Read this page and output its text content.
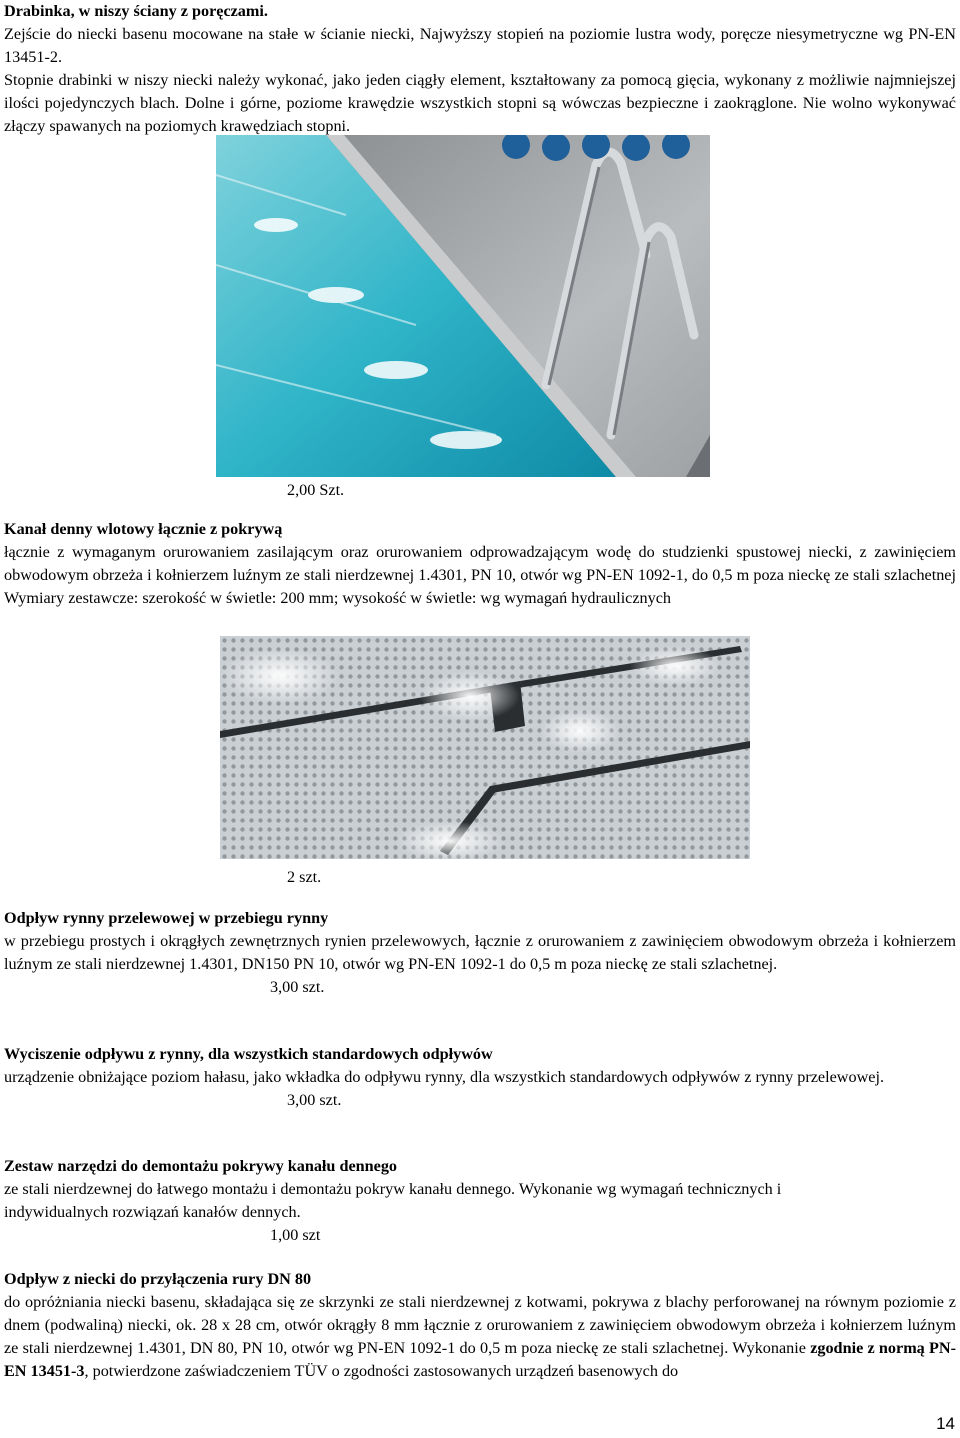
Drabinka, w niszy ściany z poręczami.

Zejście do niecki basenu mocowane na stałe w ścianie niecki, Najwyższy stopień na poziomie lustra wody, poręcze niesymetryczne wg PN-EN 13451-2.

Stopnie drabinki w niszy niecki należy wykonać, jako jeden ciągły element, kształtowany za pomocą gięcia, wykonany z możliwie najmniejszej ilości pojedynczych blach. Dolne i górne, poziome krawędzie wszystkich stopni są wówczas bezpieczne i zaokrąglone. Nie wolno wykonywać złączy spawanych na poziomych krawędziach stopni.

2,00 Szt.
Kanał denny wlotowy łącznie z pokrywą

łącznie z wymaganym orurowaniem zasilającym oraz orurowaniem odprowadzającym wodę do studzienki spustowej niecki, z zawinięciem obwodowym obrzeża i kołnierzem luźnym ze stali nierdzewnej 1.4301, PN 10, otwór wg PN-EN 1092-1, do 0,5 m poza nieckę ze stali szlachetnej Wymiary zestawcze: szerokość w świetle: 200 mm; wysokość w świetle: wg wymagań hydraulicznych

2 szt.
Odpływ rynny przelewowej w przebiegu rynny

w przebiegu prostych i okrągłych zewnętrznych rynien przelewowych, łącznie z orurowaniem z zawinięciem obwodowym obrzeża i kołnierzem luźnym ze stali nierdzewnej 1.4301, DN150 PN 10, otwór wg PN-EN 1092-1 do 0,5 m poza nieckę ze stali szlachetnej.

3,00 szt.
Wyciszenie odpływu z rynny, dla wszystkich standardowych odpływów

urządzenie obniżające poziom hałasu, jako wkładka do odpływu rynny, dla wszystkich standardowych odpływów z rynny przelewowej.

3,00 szt.
Zestaw narzędzi do demontażu pokrywy kanału dennego

ze stali nierdzewnej do łatwego montażu i demontażu pokryw kanału dennego. Wykonanie wg wymagań technicznych i indywidualnych rozwiązań kanałów dennych.

1,00 szt
Odpływ z niecki do przyłączenia rury DN 80

do opróżniania niecki basenu, składająca się ze skrzynki ze stali nierdzewnej z kotwami, pokrywa z blachy perforowanej na równym poziomie z dnem (podwaliną) niecki, ok. 28 x 28 cm, otwór okrągły 8 mm łącznie z orurowaniem z zawinięciem obwodowym obrzeża i kołnierzem luźnym ze stali nierdzewnej 1.4301, DN 80, PN 10, otwór wg PN-EN 1092-1 do 0,5 m poza nieckę ze stali szlachetnej. Wykonanie zgodnie z normą PN-EN 13451-3, potwierdzone zaświadczeniem TÜV o zgodności zastosowanych urządzeń basenowych do

14
